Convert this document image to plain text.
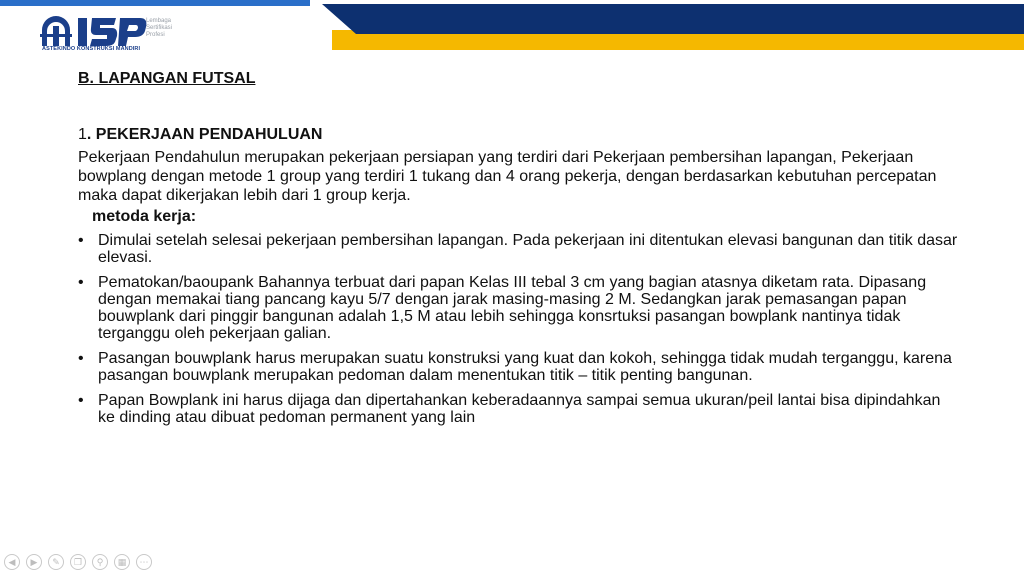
Lembaga
Sertifikasi
Profesi
ASTEKINDO KONSTRUKSI MANDIRI
B. LAPANGAN FUTSAL
1. PEKERJAAN PENDAHULUAN
Pekerjaan Pendahulun merupakan pekerjaan persiapan yang terdiri dari Pekerjaan pembersihan lapangan, Pekerjaan bowplang dengan metode 1 group yang terdiri 1 tukang dan 4 orang pekerja, dengan berdasarkan kebutuhan percepatan maka dapat dikerjakan lebih dari 1 group kerja.
metoda kerja:
• Dimulai setelah selesai pekerjaan pembersihan lapangan. Pada pekerjaan ini ditentukan elevasi bangunan dan titik dasar elevasi.
• Pematokan/baoupank Bahannya terbuat dari papan Kelas III tebal 3 cm yang bagian atasnya diketam rata. Dipasang dengan memakai tiang pancang kayu 5/7 dengan jarak masing-masing 2 M. Sedangkan jarak pemasangan papan bouwplank dari pinggir bangunan adalah 1,5 M atau lebih sehingga konsrtuksi pasangan bowplank nantinya tidak terganggu oleh pekerjaan galian.
• Pasangan bouwplank harus merupakan suatu konstruksi yang kuat dan kokoh, sehingga tidak mudah terganggu, karena pasangan bouwplank merupakan pedoman dalam menentukan titik – titik penting bangunan.
• Papan Bowplank ini harus dijaga dan dipertahankan keberadaannya sampai semua ukuran/peil lantai bisa dipindahkan ke dinding atau dibuat pedoman permanent yang lain
◀	▶	✎	❐	⚲	▦	⋯
